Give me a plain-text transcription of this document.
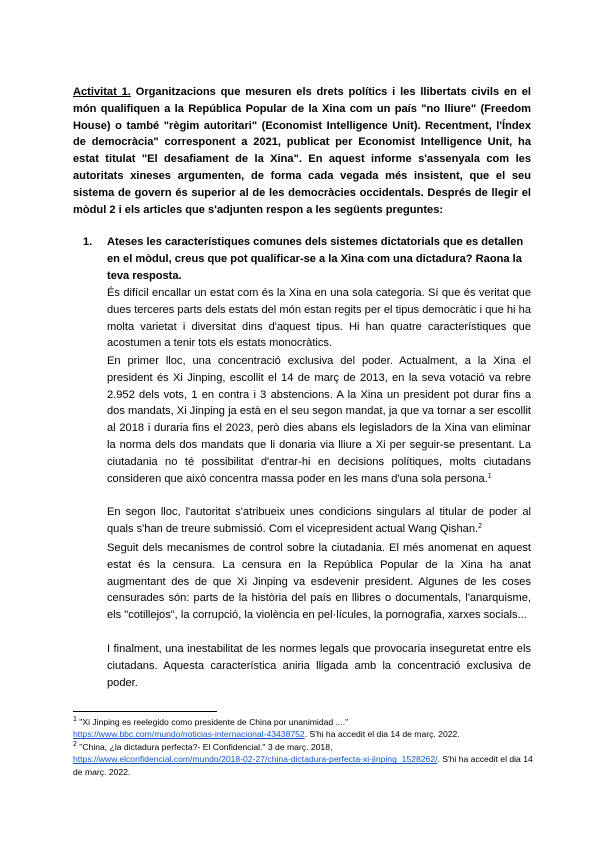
Activitat 1. Organitzacions que mesuren els drets polítics i les llibertats civils en el món qualifiquen a la República Popular de la Xina com un país "no lliure" (Freedom House) o també "règim autoritari" (Economist Intelligence Unit). Recentment, l'Índex de democràcia" corresponent a 2021, publicat per Economist Intelligence Unit, ha estat titulat "El desafiament de la Xina". En aquest informe s'assenyala com les autoritats xineses argumenten, de forma cada vegada més insistent, que el seu sistema de govern és superior al de les democràcies occidentals. Després de llegir el mòdul 2 i els articles que s'adjunten respon a les següents preguntes:
1. Ateses les característiques comunes dels sistemes dictatorials que es detallen en el mòdul, creus que pot qualificar-se a la Xina com una dictadura? Raona la teva resposta.

És difícil encallar un estat com és la Xina en una sola categoria. Sí que és veritat que dues terceres parts dels estats del món estan regits per el tipus democràtic i que hi ha molta varietat i diversitat dins d'aquest tipus. Hi han quatre característiques que acostumen a tenir tots els estats monocràtics.

En primer lloc, una concentració exclusiva del poder. Actualment, a la Xina el president és Xi Jinping, escollit el 14 de març de 2013, en la seva votació va rebre 2.952 dels vots, 1 en contra i 3 abstencions. A la Xina un president pot durar fins a dos mandats, Xi Jinping ja està en el seu segon mandat, ja que va tornar a ser escollit al 2018 i duraria fins el 2023, però dies abans els legisladors de la Xina van eliminar la norma dels dos mandats que li donaria via lliure a Xi per seguir-se presentant. La ciutadania no té possibilitat d'entrar-hi en decisions polítiques, molts ciutadans consideren que això concentra massa poder en les mans d'una sola persona.$^1$

En segon lloc, l'autoritat s'atribueix unes condicions singulars al titular de poder al quals s'han de treure submissió. Com el vicepresident actual Wang Qishan.$^2$

Seguit dels mecanismes de control sobre la ciutadania. El més anomenat en aquest estat és la censura. La censura en la República Popular de la Xina ha anat augmentant des de que Xi Jinping va esdevenir president. Algunes de les coses censurades són: parts de la història del país en llibres o documentals, l'anarquisme, els "cotillejos", la corrupció, la violència en pel·lícules, la pornografia, xarxes socials...

I finalment, una inestabilitat de les normes legals que provocaria inseguretat entre els ciutadans. Aquesta característica aniria lligada amb la concentració exclusiva de poder.

$^1$ "Xi Jinping es reelegido como presidente de China por unanimidad ...."
https://www.bbc.com/mundo/noticias-internacional-43438752. S'hi ha accedit el dia 14 de març. 2022.
$^2$ "China, ¿la dictadura perfecta?- El Confidencial." 3 de març. 2018,
https://www.elconfidencial.com/mundo/2018-02-27/china-dictadura-perfecta-xi-jinping_1528262/. S'hi ha accedit el dia 14 de març. 2022.
